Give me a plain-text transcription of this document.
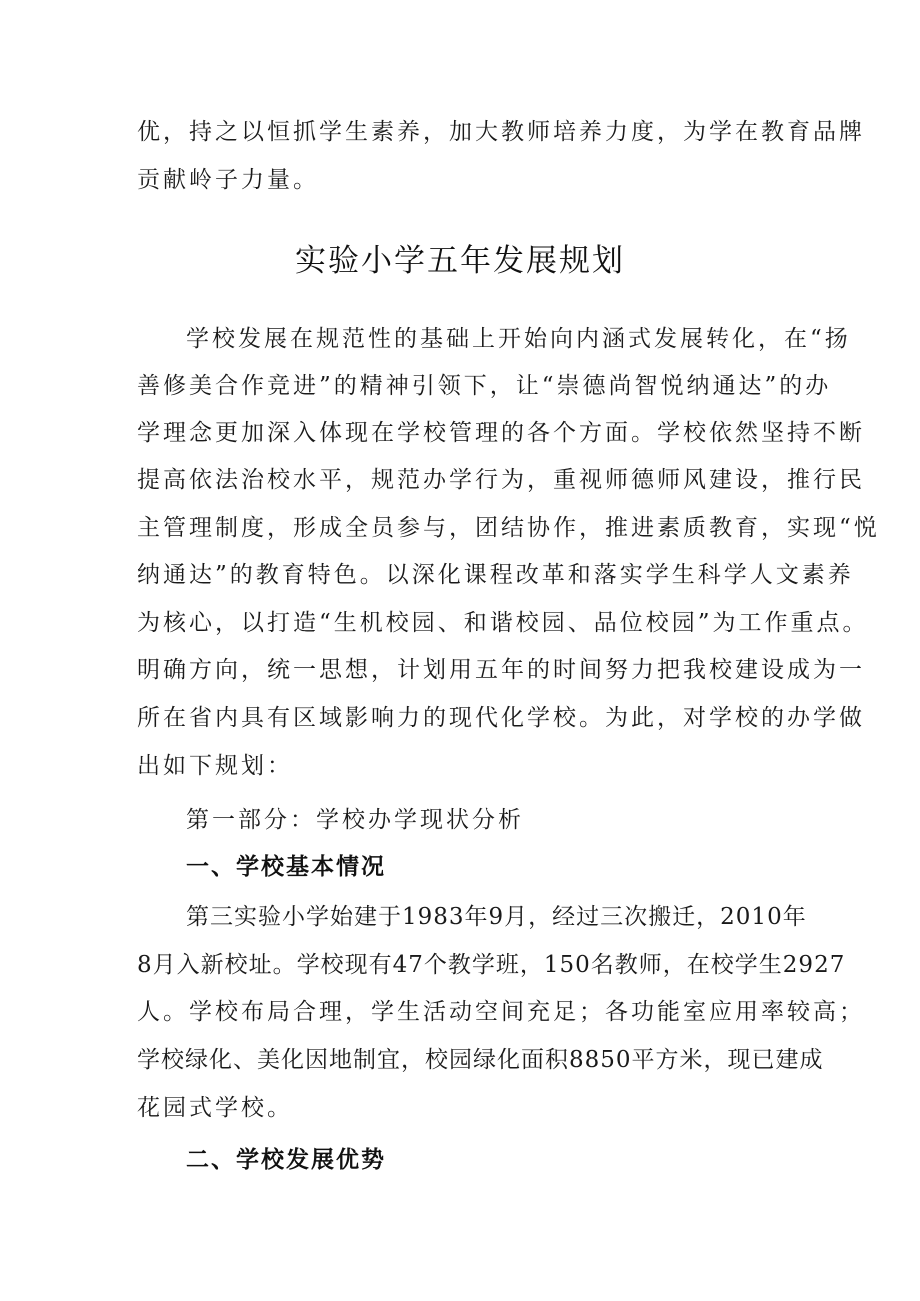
优，持之以恒抓学生素养，加大教师培养力度，为学在教育品牌
贡献岭子力量。
实验小学五年发展规划
学校发展在规范性的基础上开始向内涵式发展转化，在“扬
善修美合作竞进”的精神引领下，让“崇德尚智悦纳通达”的办
学理念更加深入体现在学校管理的各个方面。学校依然坚持不断
提高依法治校水平，规范办学行为，重视师德师风建设，推行民
主管理制度，形成全员参与，团结协作，推进素质教育，实现“悦
纳通达”的教育特色。以深化课程改革和落实学生科学人文素养
为核心，以打造“生机校园、和谐校园、品位校园”为工作重点。
明确方向，统一思想，计划用五年的时间努力把我校建设成为一
所在省内具有区域影响力的现代化学校。为此，对学校的办学做
出如下规划：
第一部分：学校办学现状分析
一、学校基本情况
第三实验小学始建于1983年9月，经过三次搬迁，2010年
8月入新校址。学校现有47个教学班，150名教师，在校学生2927
人。学校布局合理，学生活动空间充足；各功能室应用率较高；
学校绿化、美化因地制宜，校园绿化面积8850平方米，现已建成
花园式学校。
二、学校发展优势
